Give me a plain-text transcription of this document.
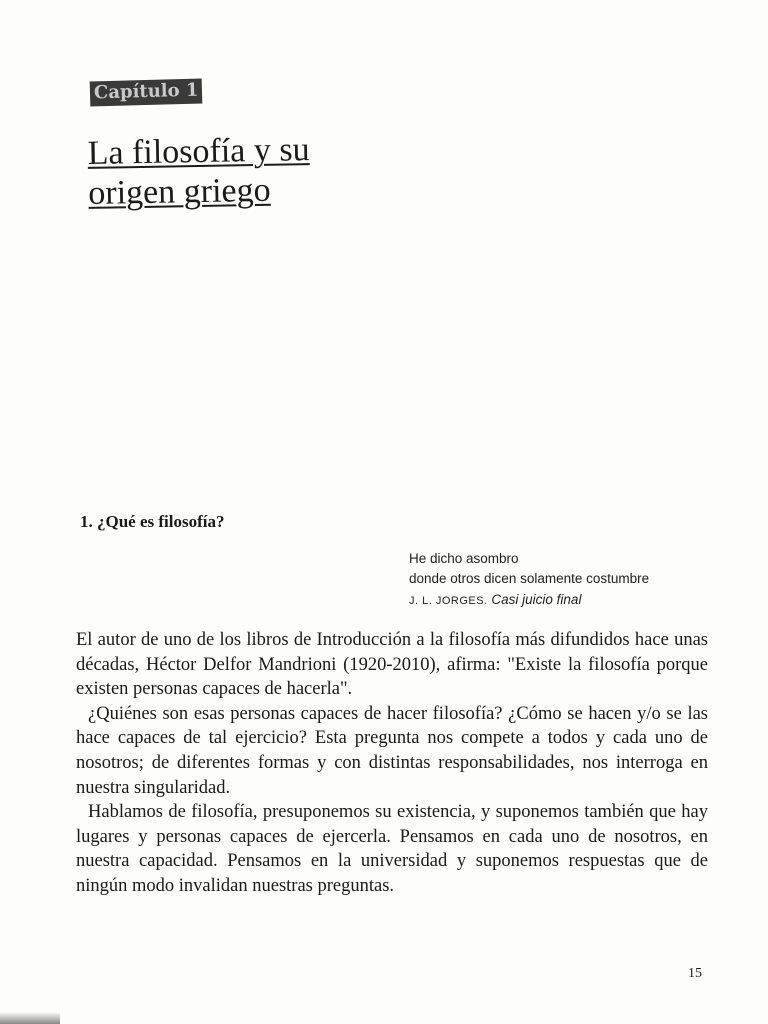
Capítulo 1
La filosofía y su
origen griego
1. ¿Qué es filosofía?
He dicho asombro
donde otros dicen solamente costumbre
J. L. JORGES. Casi juicio final

El autor de uno de los libros de Introducción a la filosofía más difundidos hace unas décadas, Héctor Delfor Mandrioni (1920-2010), afirma: "Existe la filosofía porque existen personas capaces de hacerla".

¿Quiénes son esas personas capaces de hacer filosofía? ¿Cómo se hacen y/o se las hace capaces de tal ejercicio? Esta pregunta nos compete a todos y cada uno de nosotros; de diferentes formas y con distintas responsabilidades, nos interroga en nuestra singularidad.

Hablamos de filosofía, presuponemos su existencia, y suponemos también que hay lugares y personas capaces de ejercerla. Pensamos en cada uno de nosotros, en nuestra capacidad. Pensamos en la universidad y suponemos respuestas que de ningún modo invalidan nuestras preguntas.

15
